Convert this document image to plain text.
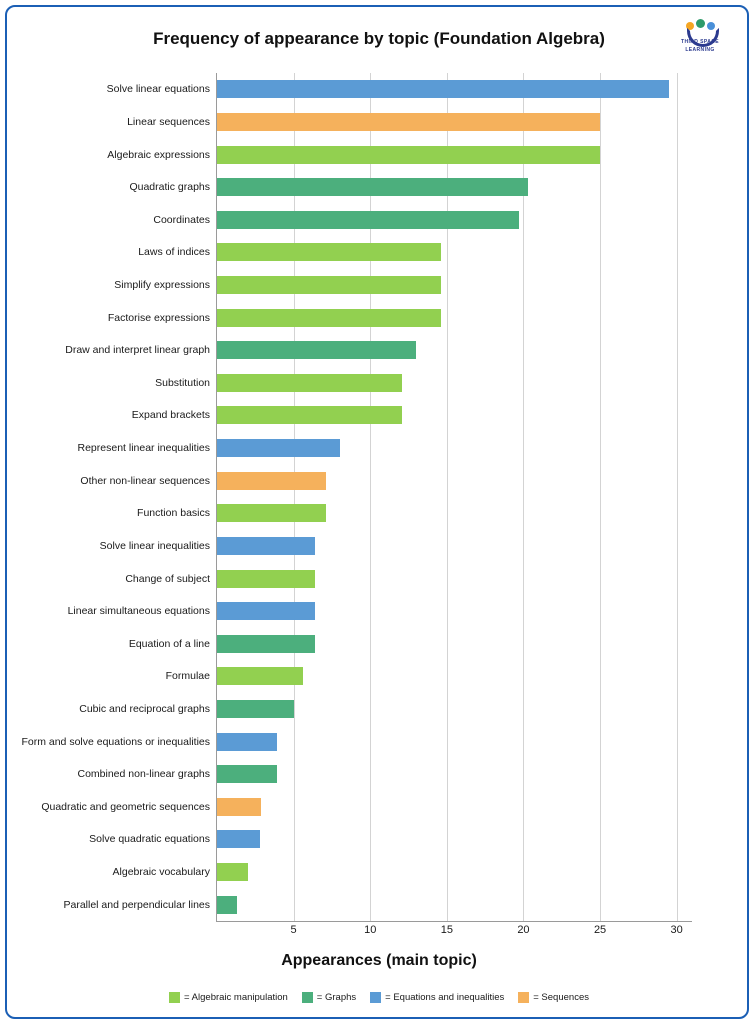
THIRD SPACE
LEARNING
Frequency of appearance by topic (Foundation Algebra)
5	10	15	20	25	30
Solve linear equations
Linear sequences
Algebraic expressions
Quadratic graphs
Coordinates
Laws of indices
Simplify expressions
Factorise expressions
Draw and interpret linear graph
Substitution
Expand brackets
Represent linear inequalities
Other non-linear sequences
Function basics
Solve linear inequalities
Change of subject
Linear simultaneous equations
Equation of a line
Formulae
Cubic and reciprocal graphs
Form and solve equations or inequalities
Combined non-linear graphs
Quadratic and geometric sequences
Solve quadratic equations
Algebraic vocabulary
Parallel and perpendicular lines
Appearances (main topic)
= Algebraic manipulation	= Graphs	= Equations and inequalities	= Sequences
